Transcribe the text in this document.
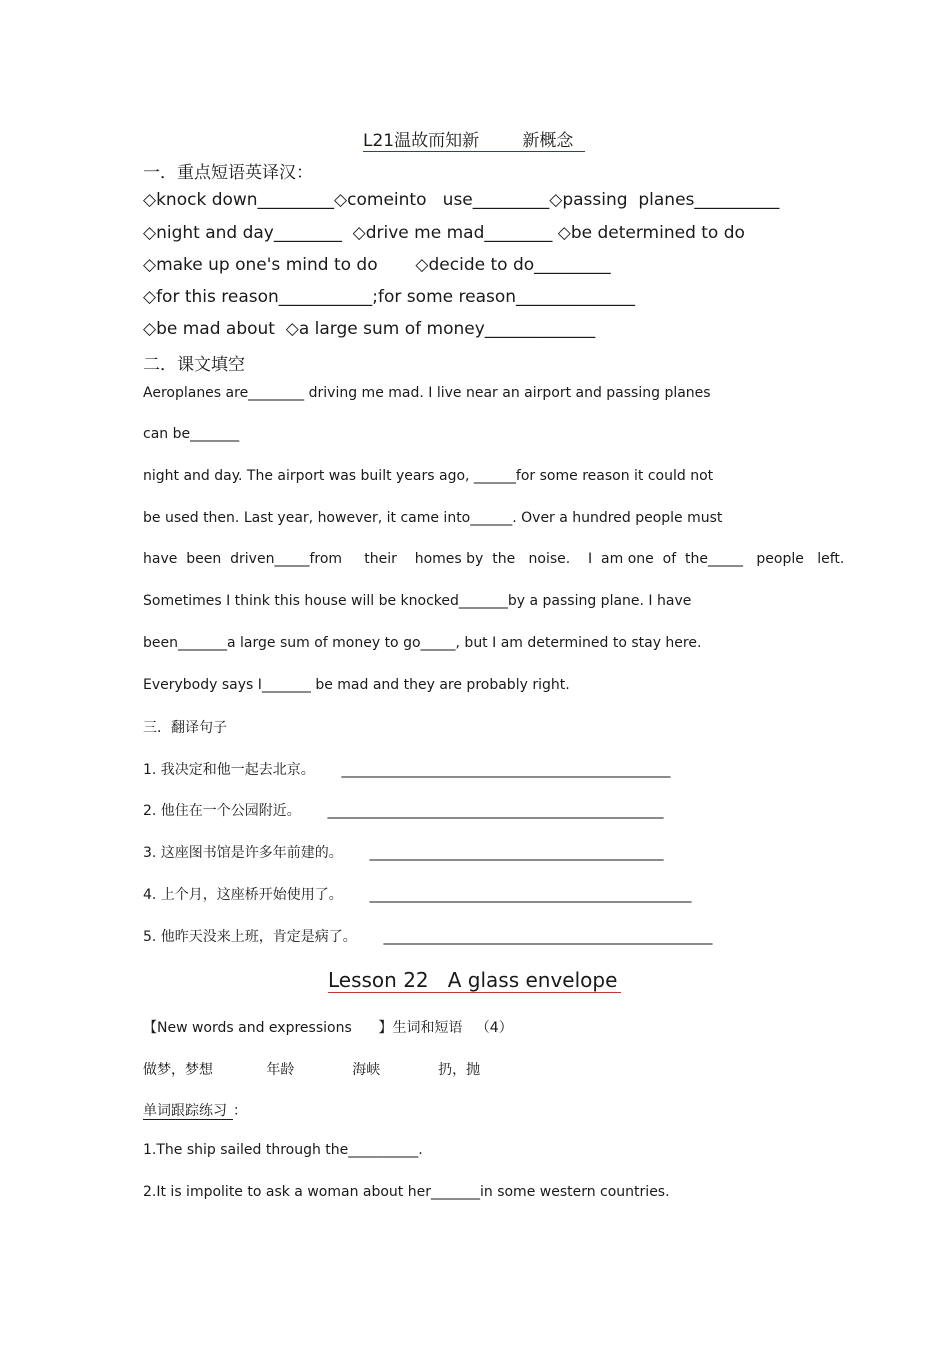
L21温故而知新        新概念
一．重点短语英译汉：
◇knock down_________◇comeinto   use_________◇passing  planes__________
◇night and day________  ◇drive me mad________ ◇be determined to do
◇make up one's mind to do       ◇decide to do_________
◇for this reason___________;for some reason______________
◇be mad about  ◇a large sum of money_____________
二．课文填空
Aeroplanes are________ driving me mad. I live near an airport and passing planes
can be_______
night and day. The airport was built years ago, ______for some reason it could not
be used then. Last year, however, it came into______. Over a hundred people must
have  been  driven_____from     their    homes by  the   noise.    I  am one  of  the_____   people   left.
Sometimes I think this house will be knocked_______by a passing plane. I have
been_______a large sum of money to go_____, but I am determined to stay here.
Everybody says I_______ be mad and they are probably right.
三．翻译句子
1. 我决定和他一起去北京。      _______________________________________________
2. 他住在一个公园附近。      ________________________________________________
3. 这座图书馆是许多年前建的。      __________________________________________
4. 上个月，这座桥开始使用了。      ______________________________________________
5. 他昨天没来上班，肯定是病了。      _______________________________________________
Lesson 22   A glass envelope
【New words and expressions      】生词和短语   （4）
做梦，梦想            年龄             海峡             扔，抛
单词跟踪练习 ：
1.The ship sailed through the__________.
2.It is impolite to ask a woman about her_______in some western countries.
